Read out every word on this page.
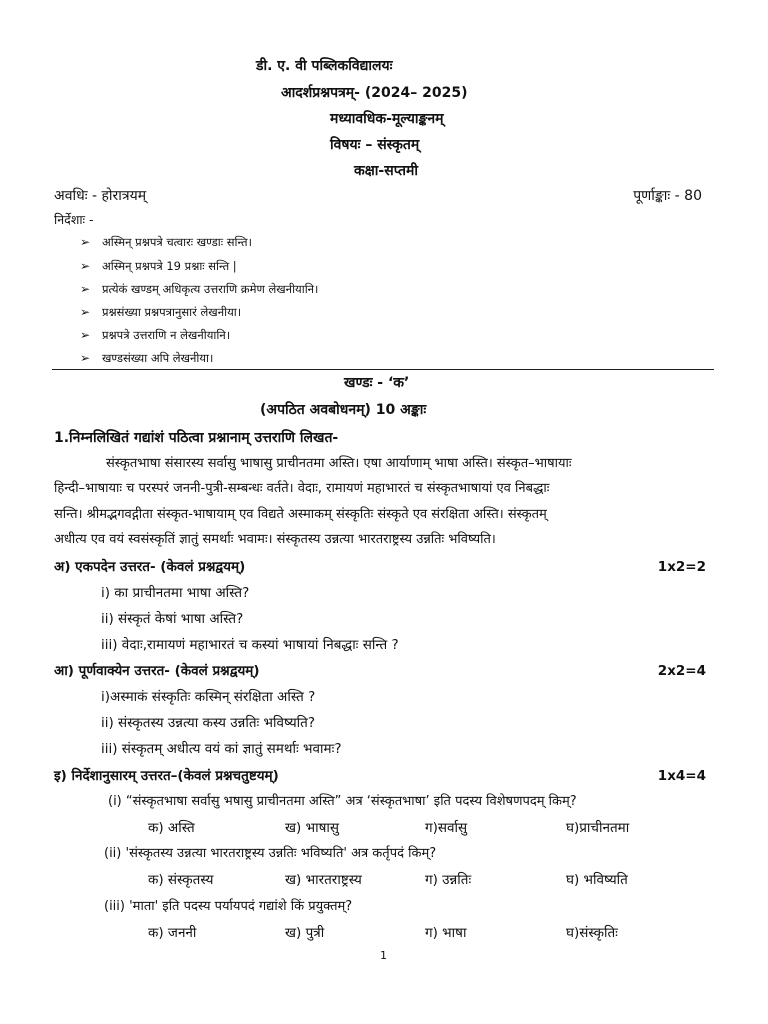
डी. ए. वी पब्लिकविद्यालयः
आदर्शप्रश्नपत्रम्- (2024– 2025)
मध्यावधिक-मूल्याङ्कनम्
विषयः – संस्कृतम्
कक्षा-सप्तमी
अवधिः - होरात्रयम्	पूर्णाङ्काः - 80
निर्देशाः -
➢ अस्मिन् प्रश्नपत्रे चत्वारः खण्डाः सन्ति।
➢ अस्मिन् प्रश्नपत्रे 19 प्रश्नाः सन्ति |
➢ प्रत्येकं खण्डम् अधिकृत्य उत्तराणि क्रमेण लेखनीयानि।
➢ प्रश्नसंख्या प्रश्नपत्रानुसारं लेखनीया।
➢ प्रश्नपत्रे उत्तराणि न लेखनीयानि।
➢ खण्डसंख्या अपि लेखनीया।
खण्डः - ‘क’
(अपठित अवबोधनम्) 10 अङ्काः
1.निम्नलिखितं गद्यांशं पठित्वा प्रश्नानाम् उत्तराणि लिखत-
संस्कृतभाषा संसारस्य सर्वासु भाषासु प्राचीनतमा अस्ति। एषा आर्याणाम् भाषा अस्ति। संस्कृत–भाषायाः
हिन्दी–भाषायाः च परस्परं जननी-पुत्री-सम्बन्धः वर्तते। वेदाः, रामायणं महाभारतं च संस्कृतभाषायां एव निबद्धाः
सन्ति। श्रीमद्भगवद्गीता संस्कृत-भाषायाम् एव विद्यते अस्माकम् संस्कृतिः संस्कृते एव संरक्षिता अस्ति। संस्कृतम्
अधीत्य एव वयं स्वसंस्कृतिं ज्ञातुं समर्थाः भवामः। संस्कृतस्य उन्नत्या भारतराष्ट्रस्य उन्नतिः भविष्यति।
अ) एकपदेन उत्तरत- (केवलं प्रश्नद्वयम्)	1x2=2
i) का प्राचीनतमा भाषा अस्ति?
ii) संस्कृतं केषां भाषा अस्ति?
iii) वेदाः,रामायणं महाभारतं च कस्यां भाषायां निबद्धाः सन्ति ?
आ) पूर्णवाक्येन उत्तरत- (केवलं प्रश्नद्वयम्)	2x2=4
i)अस्माकं संस्कृतिः कस्मिन् संरक्षिता अस्ति ?
ii) संस्कृतस्य उन्नत्या कस्य उन्नतिः भविष्यति?
iii) संस्कृतम् अधीत्य वयं कां ज्ञातुं समर्थाः भवामः?
इ) निर्देशानुसारम् उत्तरत–(केवलं प्रश्नचतुष्टयम्)	1x4=4
(i) “संस्कृतभाषा सर्वासु भषासु प्राचीनतमा अस्ति” अत्र ‘संस्कृतभाषा’ इति पदस्य विशेषणपदम् किम्?
क) अस्ति	ख) भाषासु	ग)सर्वासु	घ)प्राचीनतमा
(ii) 'संस्कृतस्य उन्नत्या भारतराष्ट्रस्य उन्नतिः भविष्यति' अत्र कर्तृपदं किम्?
क) संस्कृतस्य	ख) भारतराष्ट्रस्य	ग) उन्नतिः	घ) भविष्यति
(iii) 'माता' इति पदस्य पर्यायपदं गद्यांशे किं प्रयुक्तम्?
क) जननी	ख) पुत्री	ग) भाषा	घ)संस्कृतिः
1
